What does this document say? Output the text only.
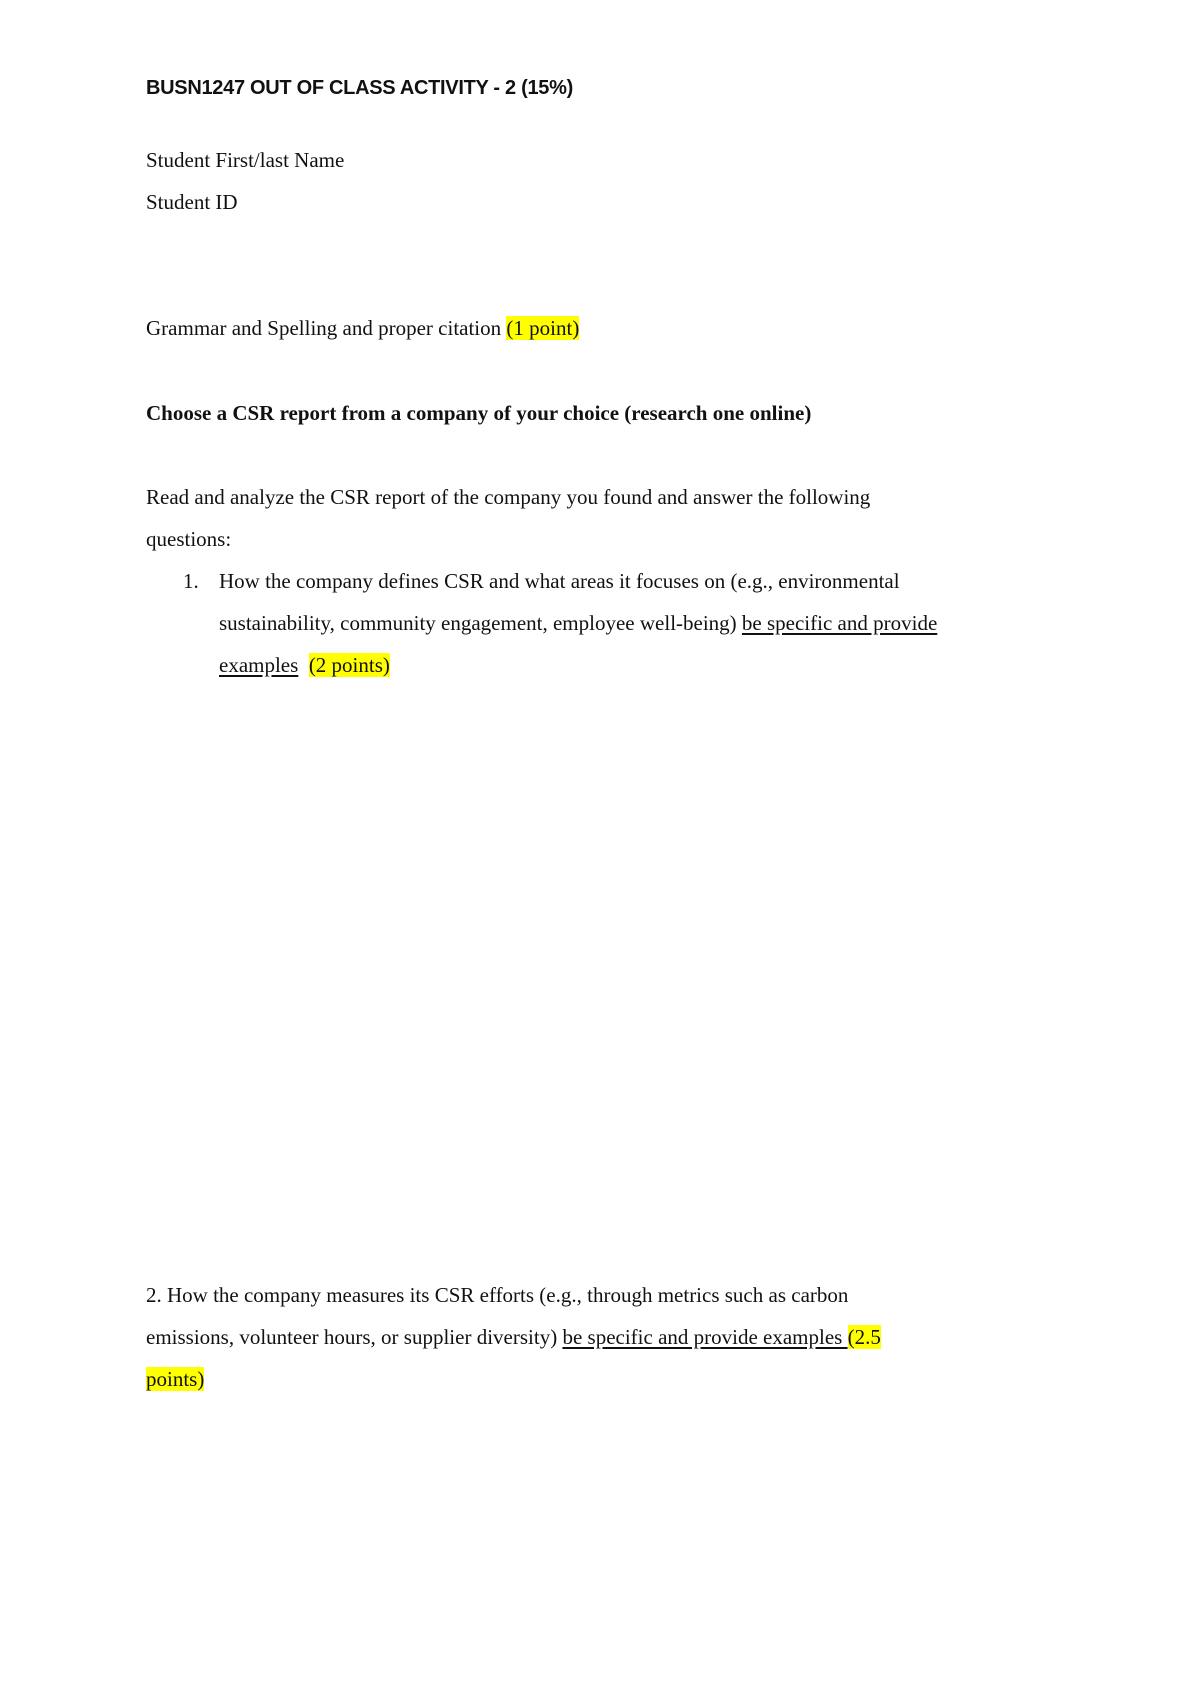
BUSN1247 OUT OF CLASS ACTIVITY - 2 (15%)
Student First/last Name
Student ID
Grammar and Spelling and proper citation (1 point)
Choose a CSR report from a company of your choice (research one online)
Read and analyze the CSR report of the company you found and answer the following
questions:
1. How the company defines CSR and what areas it focuses on (e.g., environmental
sustainability, community engagement, employee well-being) be specific and provide
examples (2 points)
2. How the company measures its CSR efforts (e.g., through metrics such as carbon
emissions, volunteer hours, or supplier diversity) be specific and provide examples (2.5
points)
